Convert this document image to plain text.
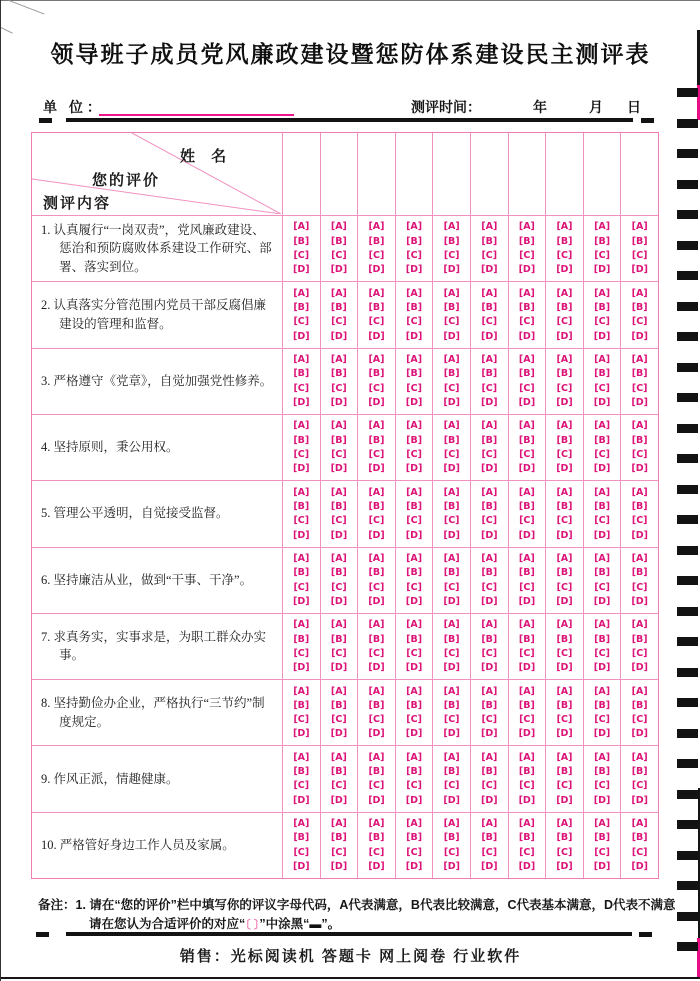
领导班子成员党风廉政建设暨惩防体系建设民主测评表
单 位：	测评时间：	年	月 日
姓 名
您的评价
测评内容
1. 认真履行“一岗双责”，党风廉政建设、惩治和预防腐败体系建设工作研究、部署、落实到位。
[A]
[B]
[C]
[D]
[A]
[B]
[C]
[D]
[A]
[B]
[C]
[D]
[A]
[B]
[C]
[D]
[A]
[B]
[C]
[D]
[A]
[B]
[C]
[D]
[A]
[B]
[C]
[D]
[A]
[B]
[C]
[D]
[A]
[B]
[C]
[D]
[A]
[B]
[C]
[D]
2. 认真落实分管范围内党员干部反腐倡廉建设的管理和监督。
[A]
[B]
[C]
[D]
[A]
[B]
[C]
[D]
[A]
[B]
[C]
[D]
[A]
[B]
[C]
[D]
[A]
[B]
[C]
[D]
[A]
[B]
[C]
[D]
[A]
[B]
[C]
[D]
[A]
[B]
[C]
[D]
[A]
[B]
[C]
[D]
[A]
[B]
[C]
[D]
3. 严格遵守《党章》，自觉加强党性修养。
[A]
[B]
[C]
[D]
[A]
[B]
[C]
[D]
[A]
[B]
[C]
[D]
[A]
[B]
[C]
[D]
[A]
[B]
[C]
[D]
[A]
[B]
[C]
[D]
[A]
[B]
[C]
[D]
[A]
[B]
[C]
[D]
[A]
[B]
[C]
[D]
[A]
[B]
[C]
[D]
4. 坚持原则，秉公用权。
[A]
[B]
[C]
[D]
[A]
[B]
[C]
[D]
[A]
[B]
[C]
[D]
[A]
[B]
[C]
[D]
[A]
[B]
[C]
[D]
[A]
[B]
[C]
[D]
[A]
[B]
[C]
[D]
[A]
[B]
[C]
[D]
[A]
[B]
[C]
[D]
[A]
[B]
[C]
[D]
5. 管理公平透明，自觉接受监督。
[A]
[B]
[C]
[D]
[A]
[B]
[C]
[D]
[A]
[B]
[C]
[D]
[A]
[B]
[C]
[D]
[A]
[B]
[C]
[D]
[A]
[B]
[C]
[D]
[A]
[B]
[C]
[D]
[A]
[B]
[C]
[D]
[A]
[B]
[C]
[D]
[A]
[B]
[C]
[D]
6. 坚持廉洁从业，做到“干事、干净”。
[A]
[B]
[C]
[D]
[A]
[B]
[C]
[D]
[A]
[B]
[C]
[D]
[A]
[B]
[C]
[D]
[A]
[B]
[C]
[D]
[A]
[B]
[C]
[D]
[A]
[B]
[C]
[D]
[A]
[B]
[C]
[D]
[A]
[B]
[C]
[D]
[A]
[B]
[C]
[D]
7. 求真务实，实事求是，为职工群众办实事。
[A]
[B]
[C]
[D]
[A]
[B]
[C]
[D]
[A]
[B]
[C]
[D]
[A]
[B]
[C]
[D]
[A]
[B]
[C]
[D]
[A]
[B]
[C]
[D]
[A]
[B]
[C]
[D]
[A]
[B]
[C]
[D]
[A]
[B]
[C]
[D]
[A]
[B]
[C]
[D]
8. 坚持勤俭办企业，严格执行“三节约”制度规定。
[A]
[B]
[C]
[D]
[A]
[B]
[C]
[D]
[A]
[B]
[C]
[D]
[A]
[B]
[C]
[D]
[A]
[B]
[C]
[D]
[A]
[B]
[C]
[D]
[A]
[B]
[C]
[D]
[A]
[B]
[C]
[D]
[A]
[B]
[C]
[D]
[A]
[B]
[C]
[D]
9. 作风正派，情趣健康。
[A]
[B]
[C]
[D]
[A]
[B]
[C]
[D]
[A]
[B]
[C]
[D]
[A]
[B]
[C]
[D]
[A]
[B]
[C]
[D]
[A]
[B]
[C]
[D]
[A]
[B]
[C]
[D]
[A]
[B]
[C]
[D]
[A]
[B]
[C]
[D]
[A]
[B]
[C]
[D]
10. 严格管好身边工作人员及家属。
[A]
[B]
[C]
[D]
[A]
[B]
[C]
[D]
[A]
[B]
[C]
[D]
[A]
[B]
[C]
[D]
[A]
[B]
[C]
[D]
[A]
[B]
[C]
[D]
[A]
[B]
[C]
[D]
[A]
[B]
[C]
[D]
[A]
[B]
[C]
[D]
[A]
[B]
[C]
[D]
备注：1. 请在“您的评价”栏中填写你的评议字母代码，A代表满意，B代表比较满意，C代表基本满意，D代表不满意
请在您认为合适评价的对应“〔 〕”中涂黑“▬”。
销售：光标阅读机 答题卡 网上阅卷 行业软件
